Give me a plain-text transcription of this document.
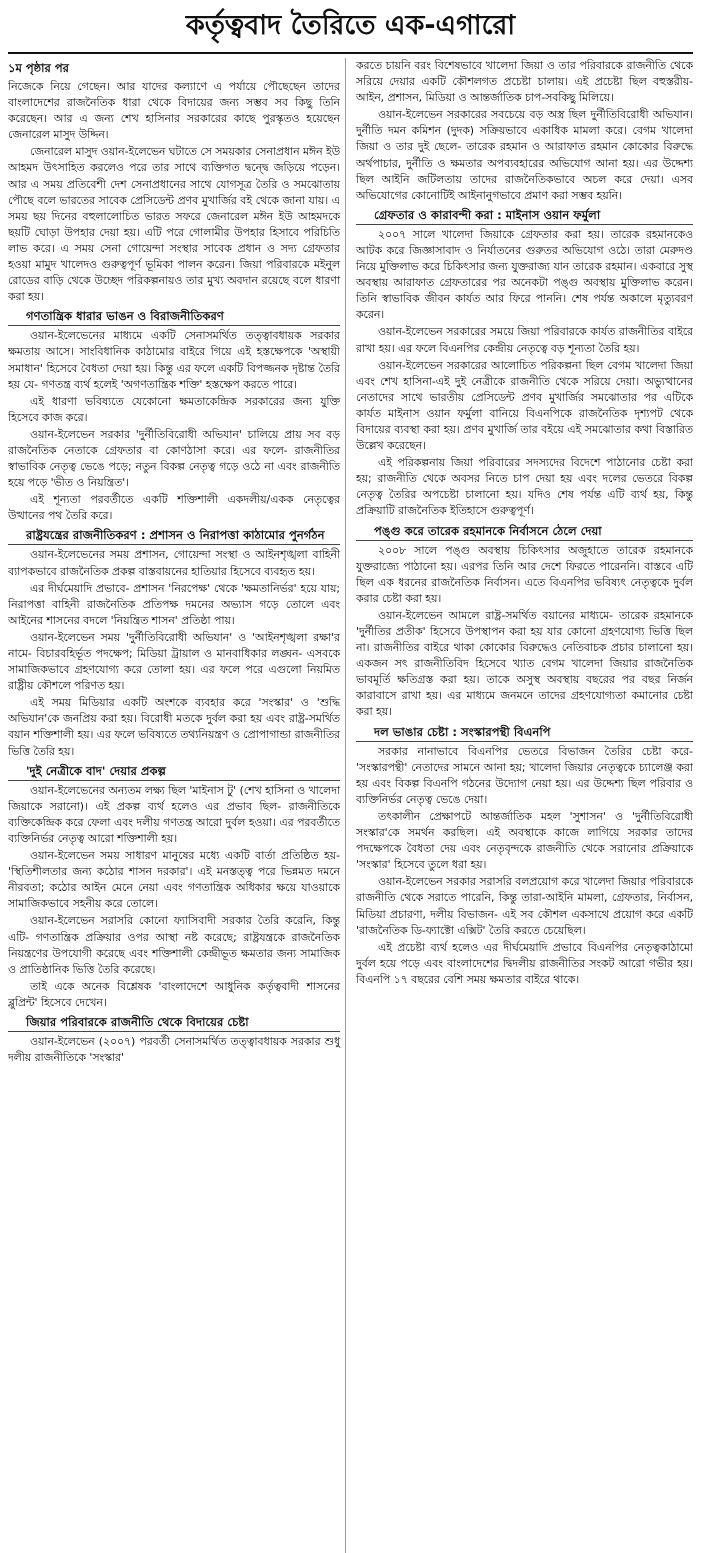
কর্তৃত্ববাদ তৈরিতে এক-এগারো
১ম পৃষ্ঠার পর

নিজেকে নিয়ে গেছেন। আর যাদের কল্যাণে এ পর্যায়ে পৌছেছেন তাদের বাংলাদেশের রাজনৈতিক ধারা থেকে বিদায়ের জন্য সম্ভব সব কিছু তিনি করেছেন। আর এ জন্য শেখ হাসিনার সরকারের কাছে পুরস্কৃতও হয়েছেন জেনারেল মাসুদ উদ্দিন।

জেনারেল মাসুদ ওয়ান-ইলেভেন ঘটাতে সে সময়কার সেনাপ্রধান মঈন ইউ আহমদ উৎসাহিত করলেও পরে তার সাথে ব্যক্তিগত দ্বন্দ্বে জড়িয়ে পড়েন। আর এ সময় প্রতিবেশী দেশ সেনাপ্রধানের সাথে যোগসূত্র তৈরি ও সমঝোতায় পৌছে বলে ভারতের সাবেক প্রেসিডেন্ট প্রণব মুখার্জির বই থেকে জানা যায়। এ সময় ছয় দিনের বহুলালোচিত ভারত সফরে জেনারেল মঈন ইউ আহমদকে ছয়টি ঘোড়া উপহার দেয়া হয়। এটি পরে গোলামীর উপহার হিসাবে পরিচিতি লাভ করে। এ সময় সেনা গোয়েন্দা সংস্থার সাবেক প্রধান ও সদ্য গ্রেফতার হওয়া মামুদ খালেদও গুরুত্বপূর্ণ ভূমিকা পালন করেন। জিয়া পরিবারকে মইনুল রোডের বাড়ি থেকে উচ্ছেদ পরিকল্পনায়ও তার মুখ্য অবদান রয়েছে বলে ধারণা করা হয়।

গণতান্ত্রিক ধারার ভাঙন ও বিরাজনীতিকরণ

ওয়ান-ইলেভেনের মাধ্যমে একটি সেনাসমর্থিত তত্ত্বাবধায়ক সরকার ক্ষমতায় আসে। সাংবিধানিক কাঠামোর বাইরে গিয়ে এই হস্তক্ষেপকে 'অস্থায়ী সমাধান' হিসেবে বৈধতা দেয়া হয়। কিন্তু এর ফলে একটি বিপজ্জনক দৃষ্টান্ত তৈরি হয় যে- গণতন্ত্র ব্যর্থ হলেই 'অগণতান্ত্রিক শক্তি' হস্তক্ষেপ করতে পারে।

এই ধারণা ভবিষ্যতে যেকোনো ক্ষমতাকেন্দ্রিক সরকারের জন্য যুক্তি হিসেবে কাজ করে।

ওয়ান-ইলেভেন সরকার 'দুর্নীতিবিরোধী অভিযান' চালিয়ে প্রায় সব বড় রাজনৈতিক নেতাকে গ্রেফতার বা কোণঠাসা করে। এর ফলে- রাজনীতির স্বাভাবিক নেতৃত্ব ভেঙে পড়ে; নতুন বিকল্প নেতৃত্ব গড়ে ওঠে না এবং রাজনীতি হয়ে পড়ে 'ভীত ও নিয়ন্ত্রিত'।

এই শূন্যতা পরবর্তীতে একটি শক্তিশালী একদলীয়/একক নেতৃত্বের উত্থানের পথ তৈরি করে।

রাষ্ট্রযন্ত্রের রাজনীতিকরণ : প্রশাসন ও নিরাপত্তা কাঠামোর পুনর্গঠন

ওয়ান-ইলেভেনের সময় প্রশাসন, গোয়েন্দা সংস্থা ও আইনশৃঙ্খলা বাহিনী ব্যাপকভাবে রাজনৈতিক প্রকল্প বাস্তবায়নের হাতিয়ার হিসেবে ব্যবহৃত হয়।

এর দীর্ঘমেয়াদি প্রভাবে- প্রশাসন 'নিরপেক্ষ' থেকে 'ক্ষমতানির্ভর' হয়ে যায়; নিরাপত্তা বাহিনী রাজনৈতিক প্রতিপক্ষ দমনের অভ্যাস গড়ে তোলে এবং আইনের শাসনের বদলে 'নিয়ন্ত্রিত শাসন' প্রতিষ্ঠা পায়।

ওয়ান-ইলেভেন সময় 'দুর্নীতিবিরোধী অভিযান' ও 'আইনশৃঙ্খলা রক্ষা'র নামে- বিচারবহির্ভূত পদক্ষেপ; মিডিয়া ট্রায়াল ও মানবাধিকার লঙ্ঘন- এসবকে সামাজিকভাবে গ্রহণযোগ্য করে তোলা হয়। এর ফলে পরে এগুলো নিয়মিত রাষ্ট্রীয় কৌশলে পরিণত হয়।

এই সময় মিডিয়ার একটি অংশকে ব্যবহার করে 'সংস্কার' ও 'শুদ্ধি অভিযান'কে জনপ্রিয় করা হয়। বিরোধী মতকে দুর্বল করা হয় এবং রাষ্ট্র-সমর্থিত বয়ান শক্তিশালী হয়। এর ফলে ভবিষ্যতে তথ্যনিয়ন্ত্রণ ও প্রোপাগান্ডা রাজনীতির ভিত্তি তৈরি হয়।

'দুই নেত্রীকে বাদ' দেয়ার প্রকল্প

ওয়ান-ইলেভেনের অন্যতম লক্ষ্য ছিল 'মাইনাস টু' (শেখ হাসিনা ও খালেদা জিয়াকে সরানো)। এই প্রকল্প ব্যর্থ হলেও এর প্রভাব ছিল- রাজনীতিকে ব্যক্তিকেন্দ্রিক করে ফেলা এবং দলীয় গণতন্ত্র আরো দুর্বল হওয়া। এর পরবর্তীতে ব্যক্তিনির্ভর নেতৃত্ব আরো শক্তিশালী হয়।

ওয়ান-ইলেভেন সময় সাধারণ মানুষের মধ্যে একটি বার্তা প্রতিষ্ঠিত হয়- 'স্থিতিশীলতার জন্য কঠোর শাসন দরকার'। এই মনস্তত্ত্ব পরে ভিন্নমত দমনে নীরবতা; কঠোর আইন মেনে নেয়া এবং গণতান্ত্রিক অধিকার ক্ষয়ে যাওয়াকে সামাজিকভাবে সহনীয় করে তোলে।

ওয়ান-ইলেভেন সরাসরি কোনো ফ্যাসিবাদী সরকার তৈরি করেনি, কিন্তু এটি- গণতান্ত্রিক প্রক্রিয়ার ওপর আস্থা নষ্ট করেছে; রাষ্ট্রযন্ত্রকে রাজনৈতিক নিয়ন্ত্রণের উপযোগী করেছে এবং শক্তিশালী কেন্দ্রীভূত ক্ষমতার জন্য সামাজিক ও প্রাতিষ্ঠানিক ভিত্তি তৈরি করেছে।

তাই একে অনেক বিশ্লেষক 'বাংলাদেশে আধুনিক কর্তৃত্ববাদী শাসনের ব্লুপ্রিন্ট' হিসেবে দেখেন।

জিয়ার পরিবারকে রাজনীতি থেকে বিদায়ের চেষ্টা

ওয়ান-ইলেভেন (২০০৭) পরবর্তী সেনাসমর্থিত তত্ত্বাবধায়ক সরকার শুধু দলীয় রাজনীতিকে 'সংস্কার'

করতে চায়নি বরং বিশেষভাবে খালেদা জিয়া ও তার পরিবারকে রাজনীতি থেকে সরিয়ে দেয়ার একটি কৌশলগত প্রচেষ্টা চালায়। এই প্রচেষ্টা ছিল বহুস্তরীয়- আইন, প্রশাসন, মিডিয়া ও আন্তর্জাতিক চাপ-সবকিছু মিলিয়ে।

ওয়ান-ইলেভেন সরকারের সবচেয়ে বড় অস্ত্র ছিল দুর্নীতিবিরোধী অভিযান। দুর্নীতি দমন কমিশন (দুদক) সক্রিয়ভাবে একাধিক মামলা করে। বেগম খালেদা জিয়া ও তার দুই ছেলে- তারেক রহমান ও আরাফাত রহমান কোকোর বিরুদ্ধে অর্থপাচার, দুর্নীতি ও ক্ষমতার অপব্যবহারের অভিযোগ আনা হয়। এর উদ্দেশ্য ছিল আইনি জটিলতায় তাদের রাজনৈতিকভাবে অচল করে দেয়া। এসব অভিযোগের কোনোটিই আইনানুগভাবে প্রমাণ করা সম্ভব হয়নি।

গ্রেফতার ও কারাবন্দী করা : মাইনাস ওয়ান ফর্মুলা

২০০৭ সালে খালেদা জিয়াকে গ্রেফতার করা হয়। তারেক রহমানকেও আটক করে জিজ্ঞাসাবাদ ও নির্যাতনের গুরুতর অভিযোগ ওঠে। তারা মেরুদণ্ড নিয়ে মুক্তিলাভ করে চিকিৎসার জন্য যুক্তরাজ্য যান তারেক রহমান। একবারে সুস্থ অবস্থায় আরাফাত গ্রেফতারের পর অনেকটা পঙ্গু অবস্থায় মুক্তিলাভ করেন। তিনি স্বাভাবিক জীবন কার্যত আর ফিরে পাননি। শেষ পর্যন্ত অকালে মৃত্যুবরণ করেন।

ওয়ান-ইলেভেন সরকারের সময়ে জিয়া পরিবারকে কার্যত রাজনীতির বাইরে রাখা হয়। এর ফলে বিএনপির কেন্দ্রীয় নেতৃত্বে বড় শূন্যতা তৈরি হয়।

ওয়ান-ইলেভেন সরকারের আলোচিত পরিকল্পনা ছিল বেগম খালেদা জিয়া এবং শেখ হাসিনা-এই দুই নেত্রীকে রাজনীতি থেকে সরিয়ে দেয়া। অভ্যুত্থানের নেতাদের সাথে ভারতীয় প্রেসিডেন্ট প্রণব মুখার্জির সমঝোতার পর এটিকে কার্যত মাইনাস ওয়ান ফর্মুলা বানিয়ে বিএনপিকে রাজনৈতিক দৃশ্যপট থেকে বিদায়ের ব্যবস্থা করা হয়। প্রণব মুখার্জি তার বইয়ে এই সমঝোতার কথা বিস্তারিত উল্লেখ করেছেন।

এই পরিকল্পনায় জিয়া পরিবারের সদস্যদের বিদেশে পাঠানোর চেষ্টা করা হয়; রাজনীতি থেকে অবসর নিতে চাপ দেয়া হয় এবং দলের ভেতরে বিকল্প নেতৃত্ব তৈরির অপচেষ্টা চালানো হয়। যদিও শেষ পর্যন্ত এটি ব্যর্থ হয়, কিন্তু প্রক্রিয়াটি রাজনৈতিক ইতিহাসে গুরুত্বপূর্ণ।

পঙ্গু করে তারেক রহমানকে নির্বাসনে ঠেলে দেয়া

২০০৮ সালে পঙ্গু অবস্থায় চিকিৎসার অজুহাতে তারেক রহমানকে যুক্তরাজ্যে পাঠানো হয়। এরপর তিনি আর দেশে ফিরতে পারেননি। বাস্তবে এটি ছিল এক ধরনের রাজনৈতিক নির্বাসন। এতে বিএনপির ভবিষ্যৎ নেতৃত্বকে দুর্বল করার চেষ্টা করা হয়।

ওয়ান-ইলেভেন আমলে রাষ্ট্র-সমর্থিত বয়ানের মাধ্যমে- তারেক রহমানকে 'দুর্নীতির প্রতীক' হিসেবে উপস্থাপন করা হয় যার কোনো গ্রহণযোগ্য ভিত্তি ছিল না। রাজনীতির বাইরে থাকা কোকোর বিরুদ্ধেও নেতিবাচক প্রচার চালানো হয়। একজন সৎ রাজনীতিবিদ হিসেবে খ্যাত বেগম খালেদা জিয়ার রাজনৈতিক ভাবমূর্তি ক্ষতিগ্রস্ত করা হয়। তাকে অসুস্থ অবস্থায় বছরের পর বছর নির্জন কারাবাসে রাখা হয়। এর মাধ্যমে জনমনে তাদের গ্রহণযোগ্যতা কমানোর চেষ্টা করা হয়।

দল ভাঙার চেষ্টা : সংস্কারপন্থী বিএনপি

সরকার নানাভাবে বিএনপির ভেতরে বিভাজন তৈরির চেষ্টা করে- 'সংস্কারপন্থী' নেতাদের সামনে আনা হয়; খালেদা জিয়ার নেতৃত্বকে চ্যালেঞ্জ করা হয় এবং বিকল্প বিএনপি গঠনের উদ্যোগ নেয়া হয়। এর উদ্দেশ্য ছিল পরিবার ও ব্যক্তিনির্ভর নেতৃত্ব ভেঙে দেয়া।

তৎকালীন প্রেক্ষাপটে আন্তর্জাতিক মহল 'সুশাসন' ও 'দুর্নীতিবিরোধী সংস্কার'কে সমর্থন করছিল। এই অবস্থাকে কাজে লাগিয়ে সরকার তাদের পদক্ষেপকে বৈধতা দেয় এবং নেতৃবৃন্দকে রাজনীতি থেকে সরানোর প্রক্রিয়াকে 'সংস্কার' হিসেবে তুলে ধরা হয়।

ওয়ান-ইলেভেন সরকার সরাসরি বলপ্রয়োগ করে খালেদা জিয়ার পরিবারকে রাজনীতি থেকে সরাতে পারেনি, কিন্তু তারা-আইনি মামলা, গ্রেফতার, নির্বাসন, মিডিয়া প্রচারণা, দলীয় বিভাজন- এই সব কৌশল একসাথে প্রয়োগ করে একটি 'রাজনৈতিক ডি-ফ্যাক্টো এক্সিট' তৈরি করতে চেয়েছিল।

এই প্রচেষ্টা ব্যর্থ হলেও এর দীর্ঘমেয়াদি প্রভাবে বিএনপির নেতৃত্বকাঠামো দুর্বল হয়ে পড়ে এবং বাংলাদেশের দ্বিদলীয় রাজনীতির সংকট আরো গভীর হয়। বিএনপি ১৭ বছরের বেশি সময় ক্ষমতার বাইরে থাকে।
